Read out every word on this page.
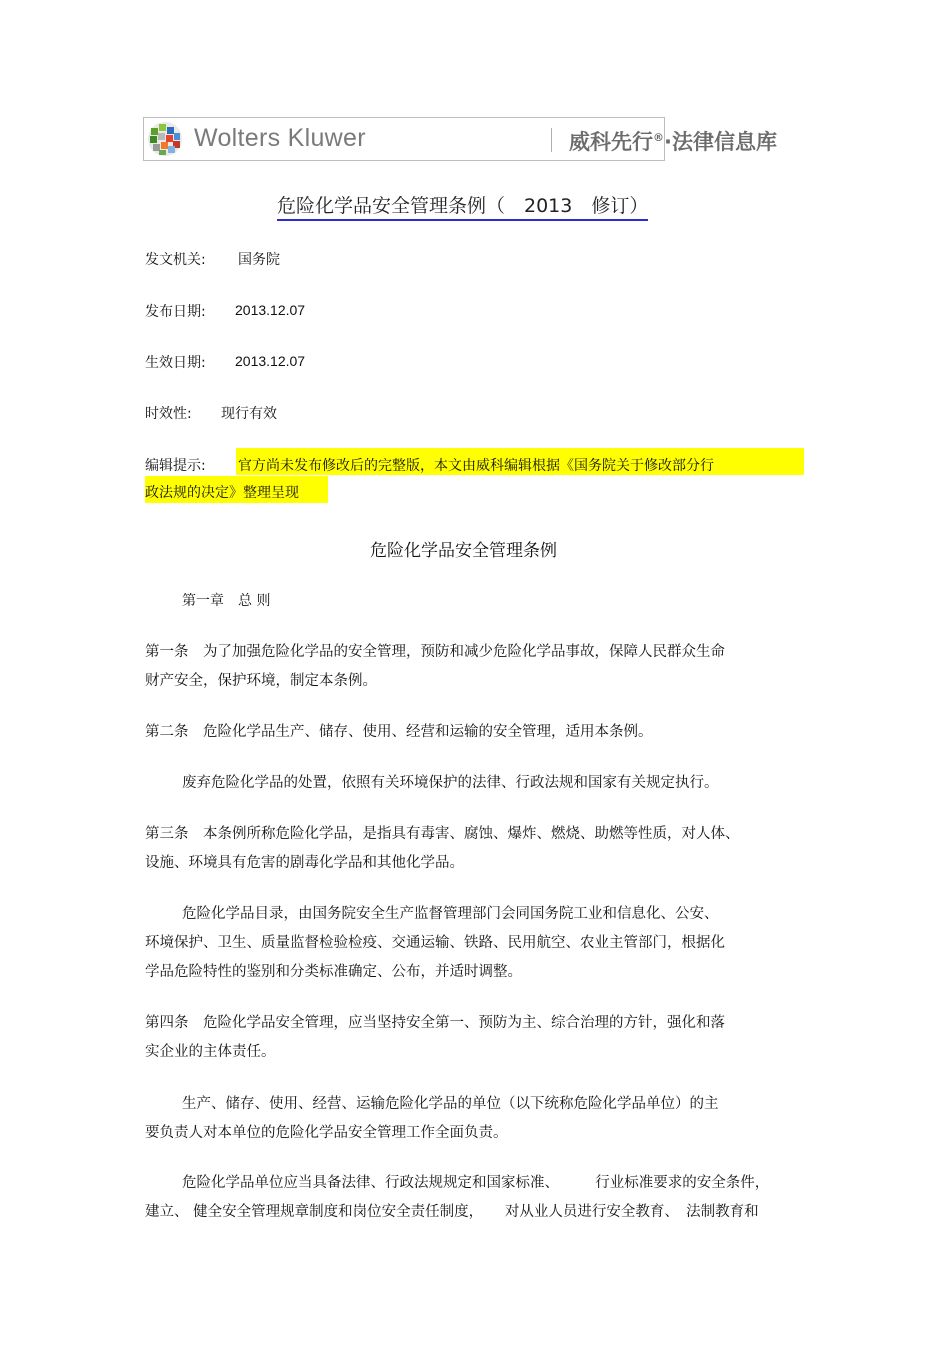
Wolters Kluwer	威科先行®·法律信息库
危险化学品安全管理条例（　2013　修订）
发文机关: 国务院
发布日期: 2013.12.07
生效日期: 2013.12.07
时效性: 现行有效
编辑提示: 官方尚未发布修改后的完整版，本文由威科编辑根据《国务院关于修改部分行
政法规的决定》整理呈现
危险化学品安全管理条例
第一章　总 则
第一条　为了加强危险化学品的安全管理，预防和减少危险化学品事故，保障人民群众生命
财产安全，保护环境，制定本条例。
第二条　危险化学品生产、储存、使用、经营和运输的安全管理，适用本条例。
废弃危险化学品的处置，依照有关环境保护的法律、行政法规和国家有关规定执行。
第三条　本条例所称危险化学品，是指具有毒害、腐蚀、爆炸、燃烧、助燃等性质，对人体、
设施、环境具有危害的剧毒化学品和其他化学品。
危险化学品目录，由国务院安全生产监督管理部门会同国务院工业和信息化、公安、
环境保护、卫生、质量监督检验检疫、交通运输、铁路、民用航空、农业主管部门，根据化
学品危险特性的鉴别和分类标准确定、公布，并适时调整。
第四条　危险化学品安全管理，应当坚持安全第一、预防为主、综合治理的方针，强化和落
实企业的主体责任。
生产、储存、使用、经营、运输危险化学品的单位（以下统称危险化学品单位）的主
要负责人对本单位的危险化学品安全管理工作全面负责。
危险化学品单位应当具备法律、行政法规规定和国家标准、　　　行业标准要求的安全条件，
建立、 健全安全管理规章制度和岗位安全责任制度，　　对从业人员进行安全教育、　法制教育和
